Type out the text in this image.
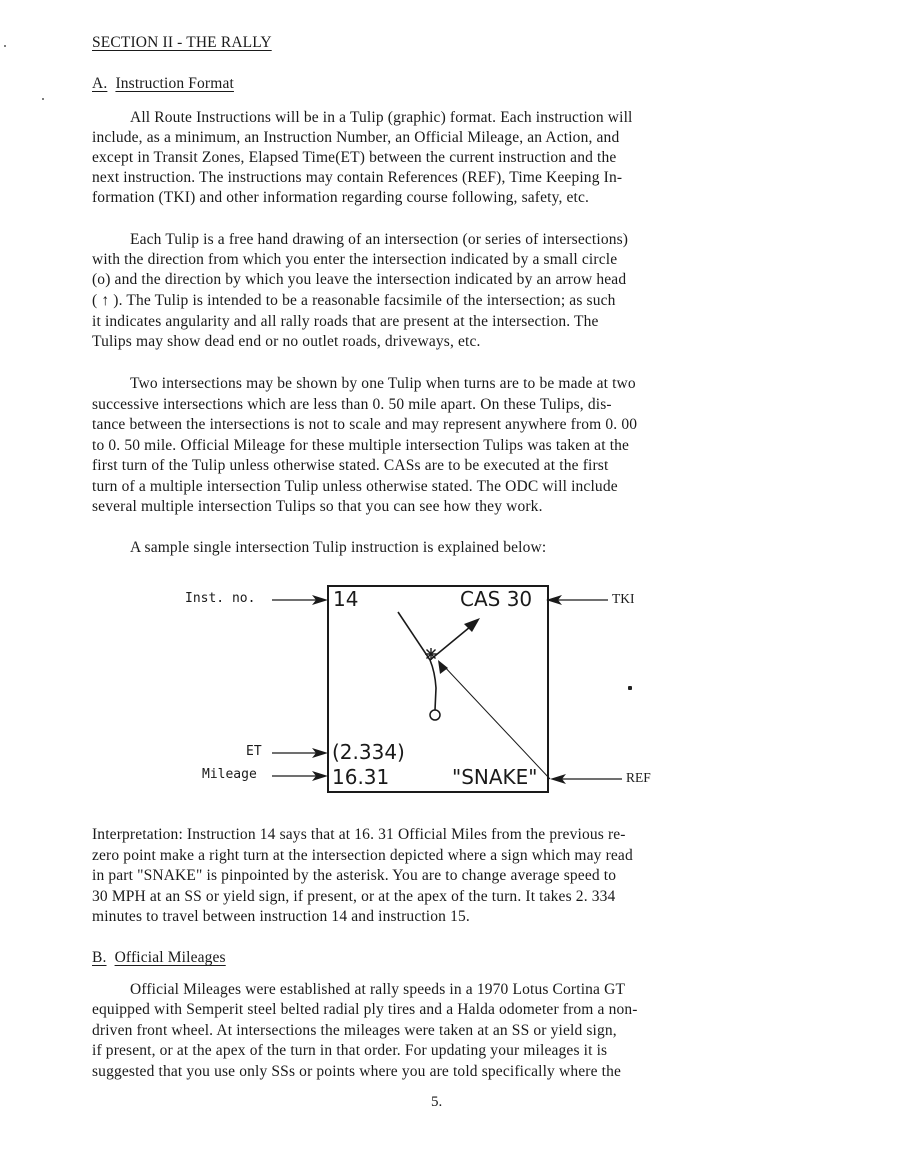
SECTION II - THE RALLY
A. Instruction Format
All Route Instructions will be in a Tulip (graphic) format. Each instruction will
include, as a minimum, an Instruction Number, an Official Mileage, an Action, and
except in Transit Zones, Elapsed Time(ET) between the current instruction and the
next instruction. The instructions may contain References (REF), Time Keeping In-
formation (TKI) and other information regarding course following, safety, etc.
Each Tulip is a free hand drawing of an intersection (or series of intersections)
with the direction from which you enter the intersection indicated by a small circle
(o) and the direction by which you leave the intersection indicated by an arrow head
( ↑ ). The Tulip is intended to be a reasonable facsimile of the intersection; as such
it indicates angularity and all rally roads that are present at the intersection. The
Tulips may show dead end or no outlet roads, driveways, etc.
Two intersections may be shown by one Tulip when turns are to be made at two
successive intersections which are less than 0. 50 mile apart. On these Tulips, dis-
tance between the intersections is not to scale and may represent anywhere from 0. 00
to 0. 50 mile. Official Mileage for these multiple intersection Tulips was taken at the
first turn of the Tulip unless otherwise stated. CASs are to be executed at the first
turn of a multiple intersection Tulip unless otherwise stated. The ODC will include
several multiple intersection Tulips so that you can see how they work.
A sample single intersection Tulip instruction is explained below:
Inst. no.
ET
Mileage
TKI
REF
14	CAS 30
(2.334)
16.31	"SNAKE"
Interpretation: Instruction 14 says that at 16. 31 Official Miles from the previous re-
zero point make a right turn at the intersection depicted where a sign which may read
in part "SNAKE" is pinpointed by the asterisk. You are to change average speed to
30 MPH at an SS or yield sign, if present, or at the apex of the turn. It takes 2. 334
minutes to travel between instruction 14 and instruction 15.
B. Official Mileages
Official Mileages were established at rally speeds in a 1970 Lotus Cortina GT
equipped with Semperit steel belted radial ply tires and a Halda odometer from a non-
driven front wheel. At intersections the mileages were taken at an SS or yield sign,
if present, or at the apex of the turn in that order. For updating your mileages it is
suggested that you use only SSs or points where you are told specifically where the
5.
